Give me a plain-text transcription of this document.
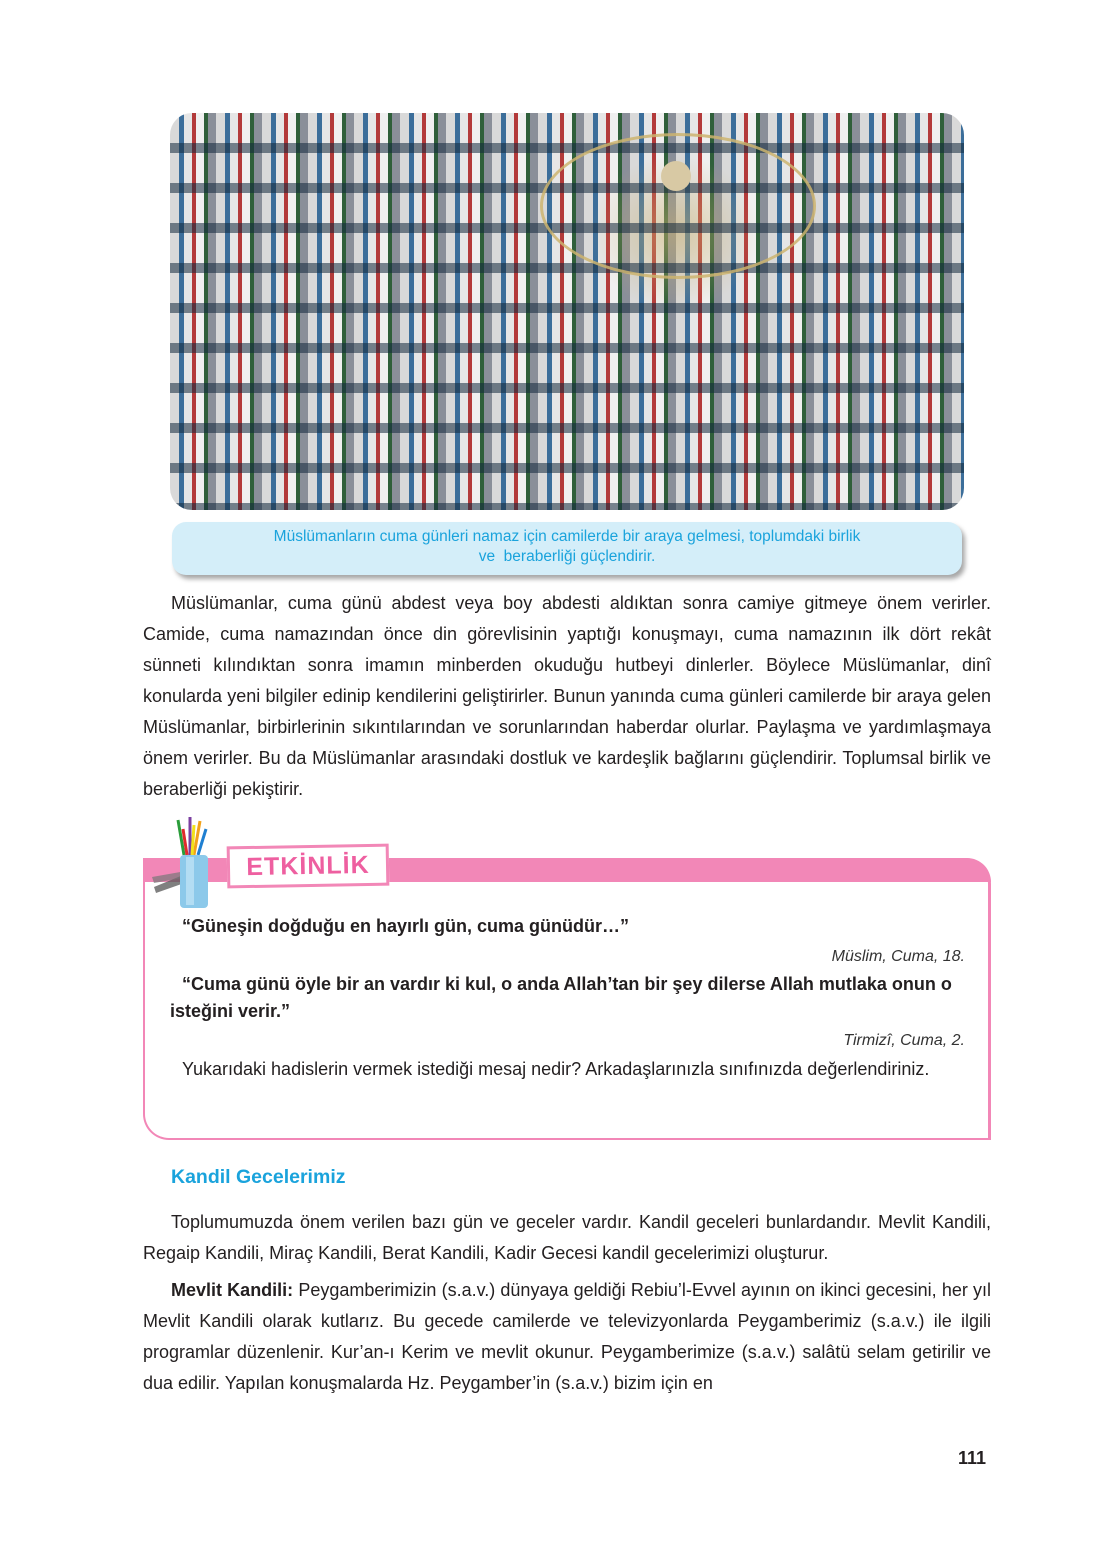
Müslümanların cuma günleri namaz için camilerde bir araya gelmesi, toplumdaki birlik
ve  beraberliği güçlendirir.

Müslümanlar, cuma günü abdest veya boy abdesti aldıktan sonra camiye gitmeye önem verirler. Camide, cuma namazından önce din görevlisinin yaptığı konuşmayı, cuma namazının ilk dört rekât sünneti kılındıktan sonra imamın minberden okuduğu hutbeyi dinlerler. Böylece Müslümanlar, dinî konularda yeni bilgiler edinip kendilerini geliştirirler. Bunun yanında cuma günleri camilerde bir araya gelen Müslümanlar, birbirlerinin sıkıntılarından ve sorunlarından haberdar olurlar. Paylaşma ve yardımlaşmaya önem verirler. Bu da Müslümanlar arasındaki dostluk ve kardeşlik bağlarını güçlendirir. Toplumsal birlik ve beraberliği pekiştirir.

ETKİNLİK
“Güneşin doğduğu en hayırlı gün, cuma günüdür…”
Müslim, Cuma, 18.
“Cuma günü öyle bir an vardır ki kul, o anda Allah’tan bir şey dilerse Allah mutlaka onun o isteğini verir.”
Tirmizî, Cuma, 2.
Yukarıdaki hadislerin vermek istediği mesaj nedir? Arkadaşlarınızla sınıfınızda değerlendiriniz.
Kandil Gecelerimiz

Toplumumuzda önem verilen bazı gün ve geceler vardır. Kandil geceleri bunlardandır. Mevlit Kandili, Regaip Kandili, Miraç Kandili, Berat Kandili, Kadir Gecesi kandil gecelerimizi oluşturur.

Mevlit Kandili: Peygamberimizin (s.a.v.) dünyaya geldiği Rebiu’l-Evvel ayının on ikinci gecesini, her yıl Mevlit Kandili olarak kutlarız. Bu gecede camilerde ve televizyonlarda Peygamberimiz (s.a.v.) ile ilgili programlar düzenlenir. Kur’an-ı Kerim ve mevlit okunur. Peygamberimize (s.a.v.) salâtü selam getirilir ve dua edilir. Yapılan konuşmalarda Hz. Peygamber’in (s.a.v.) bizim için en

111
